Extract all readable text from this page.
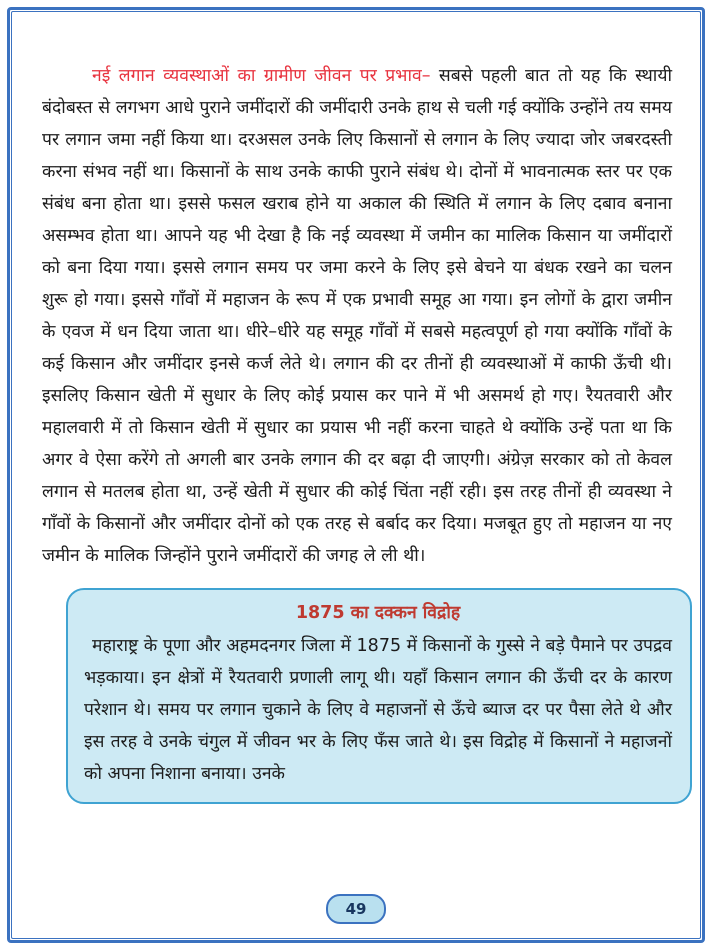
नई लगान व्यवस्थाओं का ग्रामीण जीवन पर प्रभाव– सबसे पहली बात तो यह कि स्थायी बंदोबस्त से लगभग आधे पुराने जमींदारों की जमींदारी उनके हाथ से चली गई क्योंकि उन्होंने तय समय पर लगान जमा नहीं किया था। दरअसल उनके लिए किसानों से लगान के लिए ज्यादा जोर जबरदस्ती करना संभव नहीं था। किसानों के साथ उनके काफी पुराने संबंध थे। दोनों में भावनात्मक स्तर पर एक संबंध बना होता था। इससे फसल खराब होने या अकाल की स्थिति में लगान के लिए दबाव बनाना असम्भव होता था। आपने यह भी देखा है कि नई व्यवस्था में जमीन का मालिक किसान या जमींदारों को बना दिया गया। इससे लगान समय पर जमा करने के लिए इसे बेचने या बंधक रखने का चलन शुरू हो गया। इससे गाँवों में महाजन के रूप में एक प्रभावी समूह आ गया। इन लोगों के द्वारा जमीन के एवज में धन दिया जाता था। धीरे–धीरे यह समूह गाँवों में सबसे महत्वपूर्ण हो गया क्योंकि गाँवों के कई किसान और जमींदार इनसे कर्ज लेते थे। लगान की दर तीनों ही व्यवस्थाओं में काफी ऊँची थी। इसलिए किसान खेती में सुधार के लिए कोई प्रयास कर पाने में भी असमर्थ हो गए। रैयतवारी और महालवारी में तो किसान खेती में सुधार का प्रयास भी नहीं करना चाहते थे क्योंकि उन्हें पता था कि अगर वे ऐसा करेंगे तो अगली बार उनके लगान की दर बढ़ा दी जाएगी। अंग्रेज़ सरकार को तो केवल लगान से मतलब होता था, उन्हें खेती में सुधार की कोई चिंता नहीं रही। इस तरह तीनों ही व्यवस्था ने गाँवों के किसानों और जमींदार दोनों को एक तरह से बर्बाद कर दिया। मजबूत हुए तो महाजन या नए जमीन के मालिक जिन्होंने पुराने जमींदारों की जगह ले ली थी।

1875 का दक्कन विद्रोह

महाराष्ट्र के पूणा और अहमदनगर जिला में 1875 में किसानों के गुस्से ने बड़े पैमाने पर उपद्रव भड़काया। इन क्षेत्रों में रैयतवारी प्रणाली लागू थी। यहाँ किसान लगान की ऊँची दर के कारण परेशान थे। समय पर लगान चुकाने के लिए वे महाजनों से ऊँचे ब्याज दर पर पैसा लेते थे और इस तरह वे उनके चंगुल में जीवन भर के लिए फँस जाते थे। इस विद्रोह में किसानों ने महाजनों को अपना निशाना बनाया। उनके

49
